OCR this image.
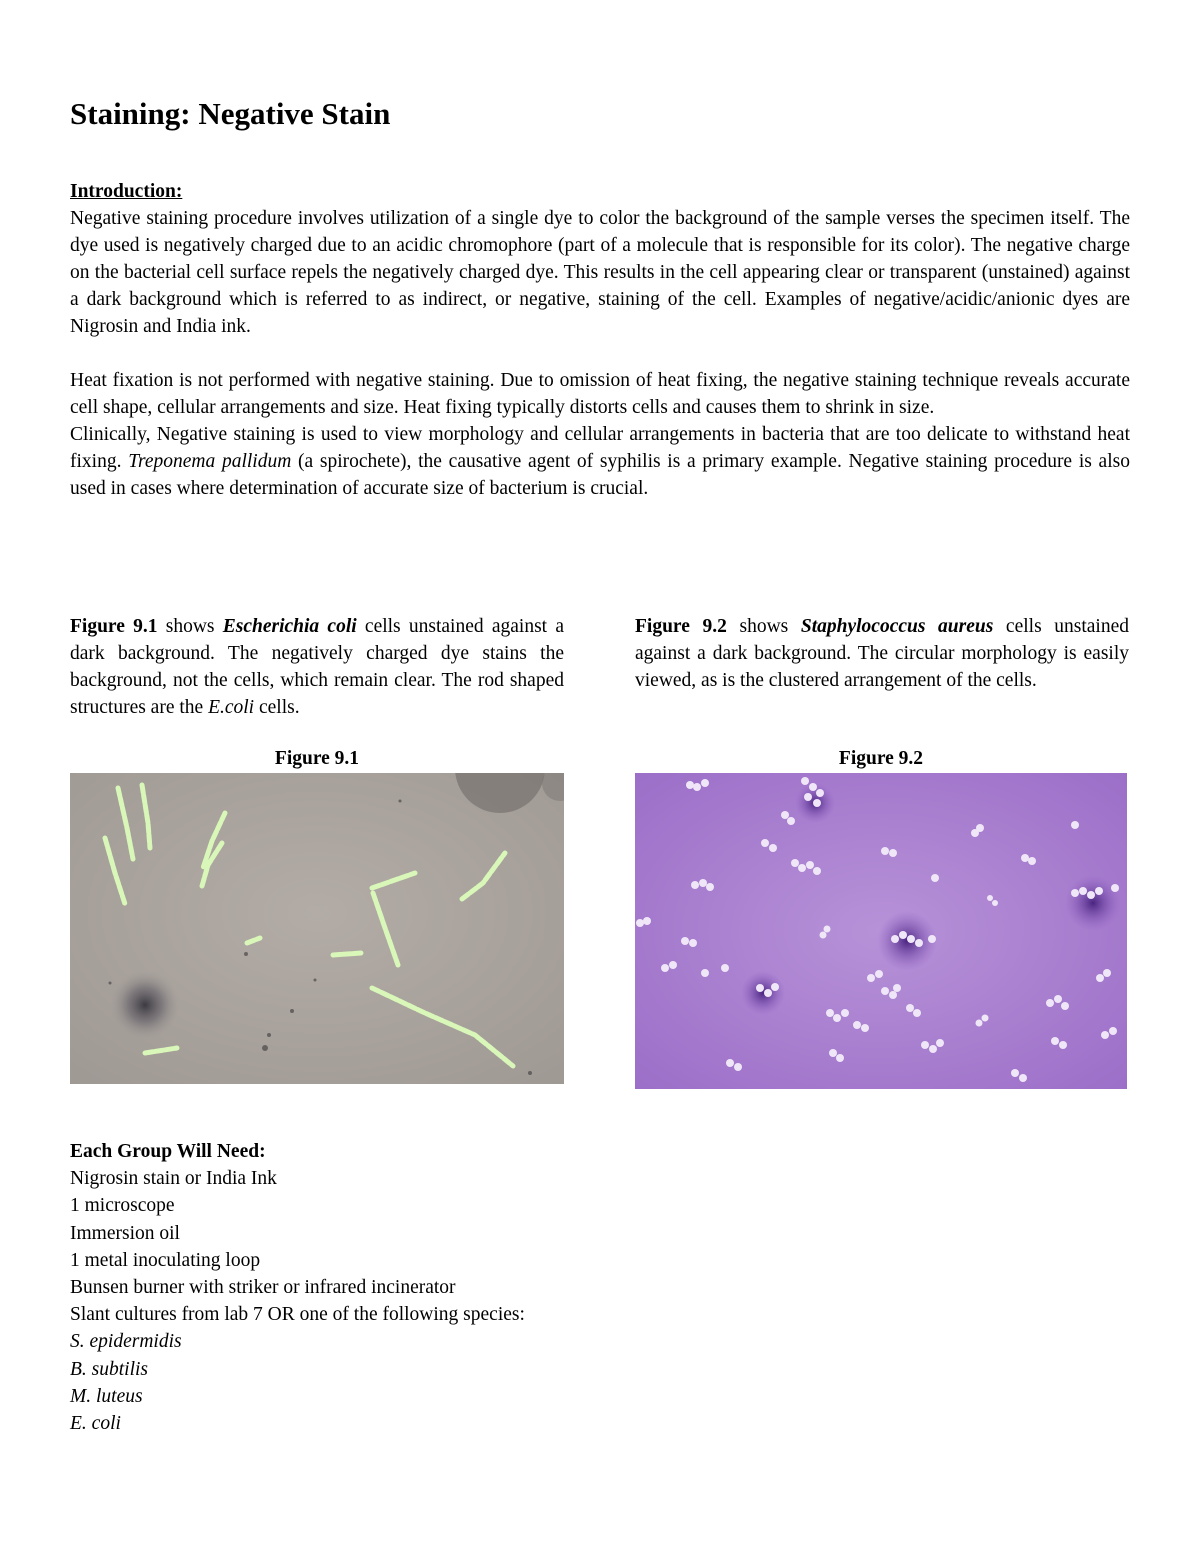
Staining: Negative Stain
Introduction:

Negative staining procedure involves utilization of a single dye to color the background of the sample verses the specimen itself. The dye used is negatively charged due to an acidic chromophore (part of a molecule that is responsible for its color). The negative charge on the bacterial cell surface repels the negatively charged dye. This results in the cell appearing clear or transparent (unstained) against a dark background which is referred to as indirect, or negative, staining of the cell. Examples of negative/acidic/anionic dyes are Nigrosin and India ink.

Heat fixation is not performed with negative staining. Due to omission of heat fixing, the negative staining technique reveals accurate cell shape, cellular arrangements and size. Heat fixing typically distorts cells and causes them to shrink in size.

Clinically, Negative staining is used to view morphology and cellular arrangements in bacteria that are too delicate to withstand heat fixing. Treponema pallidum (a spirochete), the causative agent of syphilis is a primary example. Negative staining procedure is also used in cases where determination of accurate size of bacterium is crucial.

Figure 9.1 shows Escherichia coli cells unstained against a dark background. The negatively charged dye stains the background, not the cells, which remain clear. The rod shaped structures are the E.coli cells.

Figure 9.2 shows Staphylococcus aureus cells unstained against a dark background. The circular morphology is easily viewed, as is the clustered arrangement of the cells.

Figure 9.1	Figure 9.2
Each Group Will Need:
Nigrosin stain or India Ink
1 microscope
Immersion oil
1 metal inoculating loop
Bunsen burner with striker or infrared incinerator
Slant cultures from lab 7 OR one of the following species:
S. epidermidis
B. subtilis
M. luteus
E. coli
